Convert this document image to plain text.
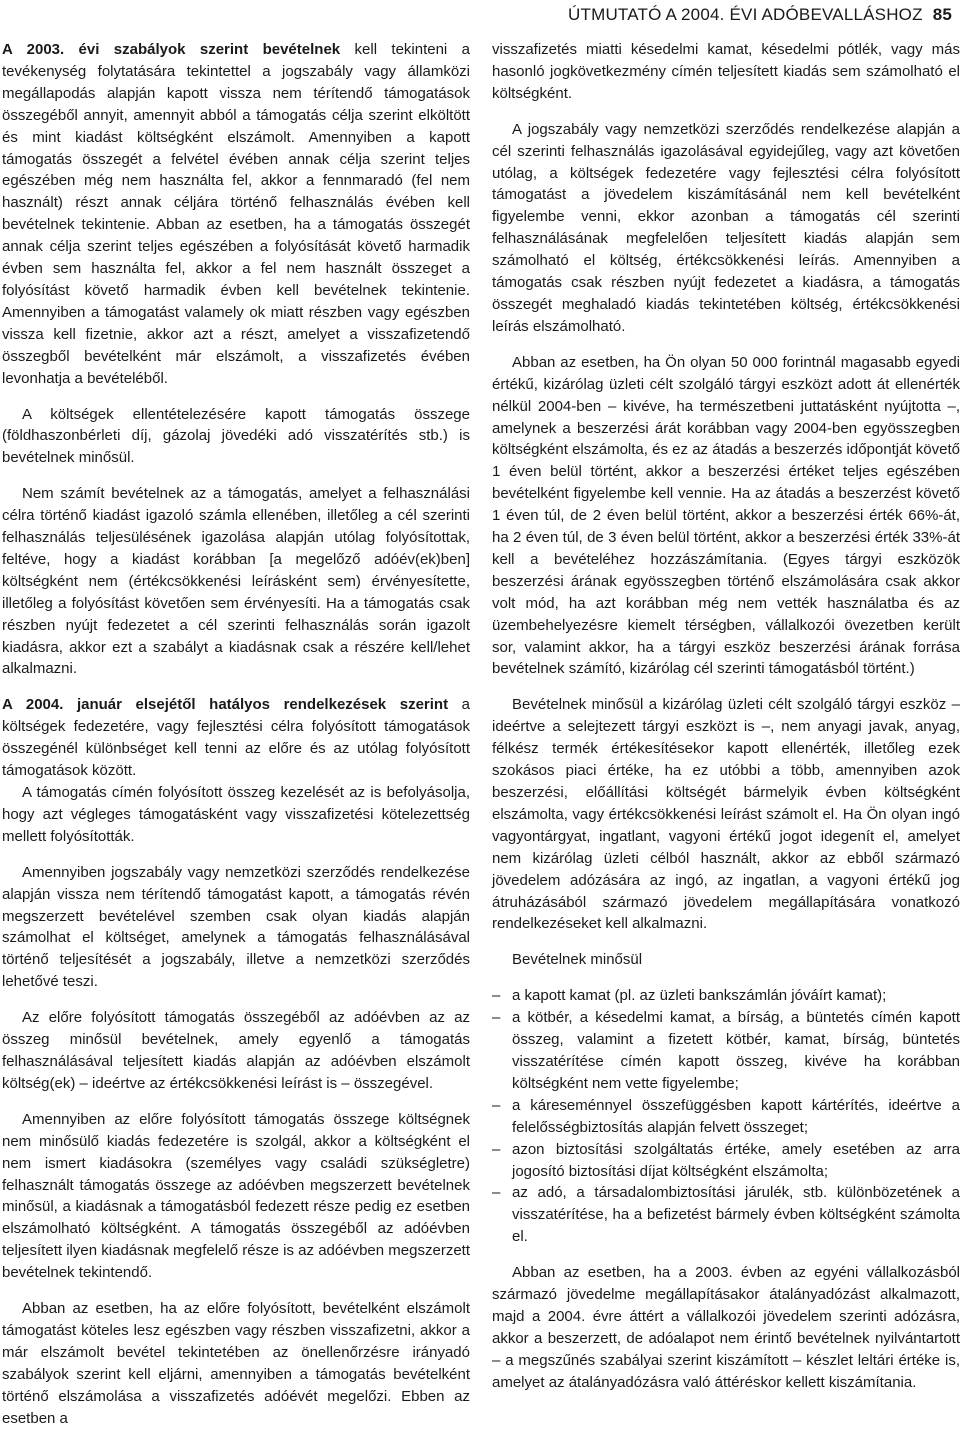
ÚTMUTATÓ A 2004. ÉVI ADÓBEVALLÁSHOZ 85

A 2003. évi szabályok szerint bevételnek kell tekinteni a tevékenység folytatására tekintettel a jogszabály vagy államközi megállapodás alapján kapott vissza nem térítendő támogatások összegéből annyit, amennyit abból a támogatás célja szerint elköltött és mint kiadást költségként elszámolt. Amennyiben a kapott támogatás összegét a felvétel évében annak célja szerint teljes egészében még nem használta fel, akkor a fennmaradó (fel nem használt) részt annak céljára történő felhasználás évében kell bevételnek tekintenie. Abban az esetben, ha a támogatás összegét annak célja szerint teljes egészében a folyósítását követő harmadik évben sem használta fel, akkor a fel nem használt összeget a folyósítást követő harmadik évben kell bevételnek tekintenie. Amennyiben a támogatást valamely ok miatt részben vagy egészben vissza kell fizetnie, akkor azt a részt, amelyet a visszafizetendő összegből bevételként már elszámolt, a visszafizetés évében levonhatja a bevételéből.

A költségek ellentételezésére kapott támogatás összege (földhaszonbérleti díj, gázolaj jövedéki adó visszatérítés stb.) is bevételnek minősül.

Nem számít bevételnek az a támogatás, amelyet a felhasználási célra történő kiadást igazoló számla ellenében, illetőleg a cél szerinti felhasználás teljesülésének igazolása alapján utólag folyósítottak, feltéve, hogy a kiadást korábban [a megelőző adóév(ek)ben] költségként nem (értékcsökkenési leírásként sem) érvényesítette, illetőleg a folyósítást követően sem érvényesíti. Ha a támogatás csak részben nyújt fedezetet a cél szerinti felhasználás során igazolt kiadásra, akkor ezt a szabályt a kiadásnak csak a részére kell/lehet alkalmazni.

A 2004. január elsejétől hatályos rendelkezések szerint a költségek fedezetére, vagy fejlesztési célra folyósított támogatások összegénél különbséget kell tenni az előre és az utólag folyósított támogatások között.

A támogatás címén folyósított összeg kezelését az is befolyásolja, hogy azt végleges támogatásként vagy visszafizetési kötelezettség mellett folyósították.

Amennyiben jogszabály vagy nemzetközi szerződés rendelkezése alapján vissza nem térítendő támogatást kapott, a támogatás révén megszerzett bevételével szemben csak olyan kiadás alapján számolhat el költséget, amelynek a támogatás felhasználásával történő teljesítését a jogszabály, illetve a nemzetközi szerződés lehetővé teszi.

Az előre folyósított támogatás összegéből az adóévben az az összeg minősül bevételnek, amely egyenlő a támogatás felhasználásával teljesített kiadás alapján az adóévben elszámolt költség(ek) – ideértve az értékcsökkenési leírást is – összegével.

Amennyiben az előre folyósított támogatás összege költségnek nem minősülő kiadás fedezetére is szolgál, akkor a költségként el nem ismert kiadásokra (személyes vagy családi szükségletre) felhasznált támogatás összege az adóévben megszerzett bevételnek minősül, a kiadásnak a támogatásból fedezett része pedig ez esetben elszámolható költségként. A támogatás összegéből az adóévben teljesített ilyen kiadásnak megfelelő része is az adóévben megszerzett bevételnek tekintendő.

Abban az esetben, ha az előre folyósított, bevételként elszámolt támogatást köteles lesz egészben vagy részben visszafizetni, akkor a már elszámolt bevétel tekintetében az önellenőrzésre irányadó szabályok szerint kell eljárni, amennyiben a támogatás bevételként történő elszámolása a visszafizetés adóévét megelőzi. Ebben az esetben a

visszafizetés miatti késedelmi kamat, késedelmi pótlék, vagy más hasonló jogkövetkezmény címén teljesített kiadás sem számolható el költségként.

A jogszabály vagy nemzetközi szerződés rendelkezése alapján a cél szerinti felhasználás igazolásával egyidejűleg, vagy azt követően utólag, a költségek fedezetére vagy fejlesztési célra folyósított támogatást a jövedelem kiszámításánál nem kell bevételként figyelembe venni, ekkor azonban a támogatás cél szerinti felhasználásának megfelelően teljesített kiadás alapján sem számolható el költség, értékcsökkenési leírás. Amennyiben a támogatás csak részben nyújt fedezetet a kiadásra, a támogatás összegét meghaladó kiadás tekintetében költség, értékcsökkenési leírás elszámolható.

Abban az esetben, ha Ön olyan 50 000 forintnál magasabb egyedi értékű, kizárólag üzleti célt szolgáló tárgyi eszközt adott át ellenérték nélkül 2004-ben – kivéve, ha természetbeni juttatásként nyújtotta –, amelynek a beszerzési árát korábban vagy 2004-ben egyösszegben költségként elszámolta, és ez az átadás a beszerzés időpontját követő 1 éven belül történt, akkor a beszerzési értéket teljes egészében bevételként figyelembe kell vennie. Ha az átadás a beszerzést követő 1 éven túl, de 2 éven belül történt, akkor a beszerzési érték 66%-át, ha 2 éven túl, de 3 éven belül történt, akkor a beszerzési érték 33%-át kell a bevételéhez hozzászámítania. (Egyes tárgyi eszközök beszerzési árának egyösszegben történő elszámolására csak akkor volt mód, ha azt korábban még nem vették használatba és az üzembehelyezésre kiemelt térségben, vállalkozói övezetben került sor, valamint akkor, ha a tárgyi eszköz beszerzési árának forrása bevételnek számító, kizárólag cél szerinti támogatásból történt.)

Bevételnek minősül a kizárólag üzleti célt szolgáló tárgyi eszköz – ideértve a selejtezett tárgyi eszközt is –, nem anyagi javak, anyag, félkész termék értékesítésekor kapott ellenérték, illetőleg ezek szokásos piaci értéke, ha ez utóbbi a több, amennyiben azok beszerzési, előállítási költségét bármelyik évben költségként elszámolta, vagy értékcsökkenési leírást számolt el. Ha Ön olyan ingó vagyontárgyat, ingatlant, vagyoni értékű jogot idegenít el, amelyet nem kizárólag üzleti célból használt, akkor az ebből származó jövedelem adózására az ingó, az ingatlan, a vagyoni értékű jog átruházásából származó jövedelem megállapítására vonatkozó rendelkezéseket kell alkalmazni.

Bevételnek minősül

– a kapott kamat (pl. az üzleti bankszámlán jóváírt kamat);
– a kötbér, a késedelmi kamat, a bírság, a büntetés címén kapott összeg, valamint a fizetett kötbér, kamat, bírság, büntetés visszatérítése címén kapott összeg, kivéve ha korábban költségként nem vette figyelembe;
– a káreseménnyel összefüggésben kapott kártérítés, ideértve a felelősségbiztosítás alapján felvett összeget;
– azon biztosítási szolgáltatás értéke, amely esetében az arra jogosító biztosítási díjat költségként elszámolta;
– az adó, a társadalombiztosítási járulék, stb. különbözetének a visszatérítése, ha a befizetést bármely évben költségként számolta el.

Abban az esetben, ha a 2003. évben az egyéni vállalkozásból származó jövedelme megállapításakor átalányadózást alkalmazott, majd a 2004. évre áttért a vállalkozói jövedelem szerinti adózásra, akkor a beszerzett, de adóalapot nem érintő bevételnek nyilvántartott – a megszűnés szabályai szerint kiszámított – készlet leltári értéke is, amelyet az átalányadózásra való áttéréskor kellett kiszámítania.
